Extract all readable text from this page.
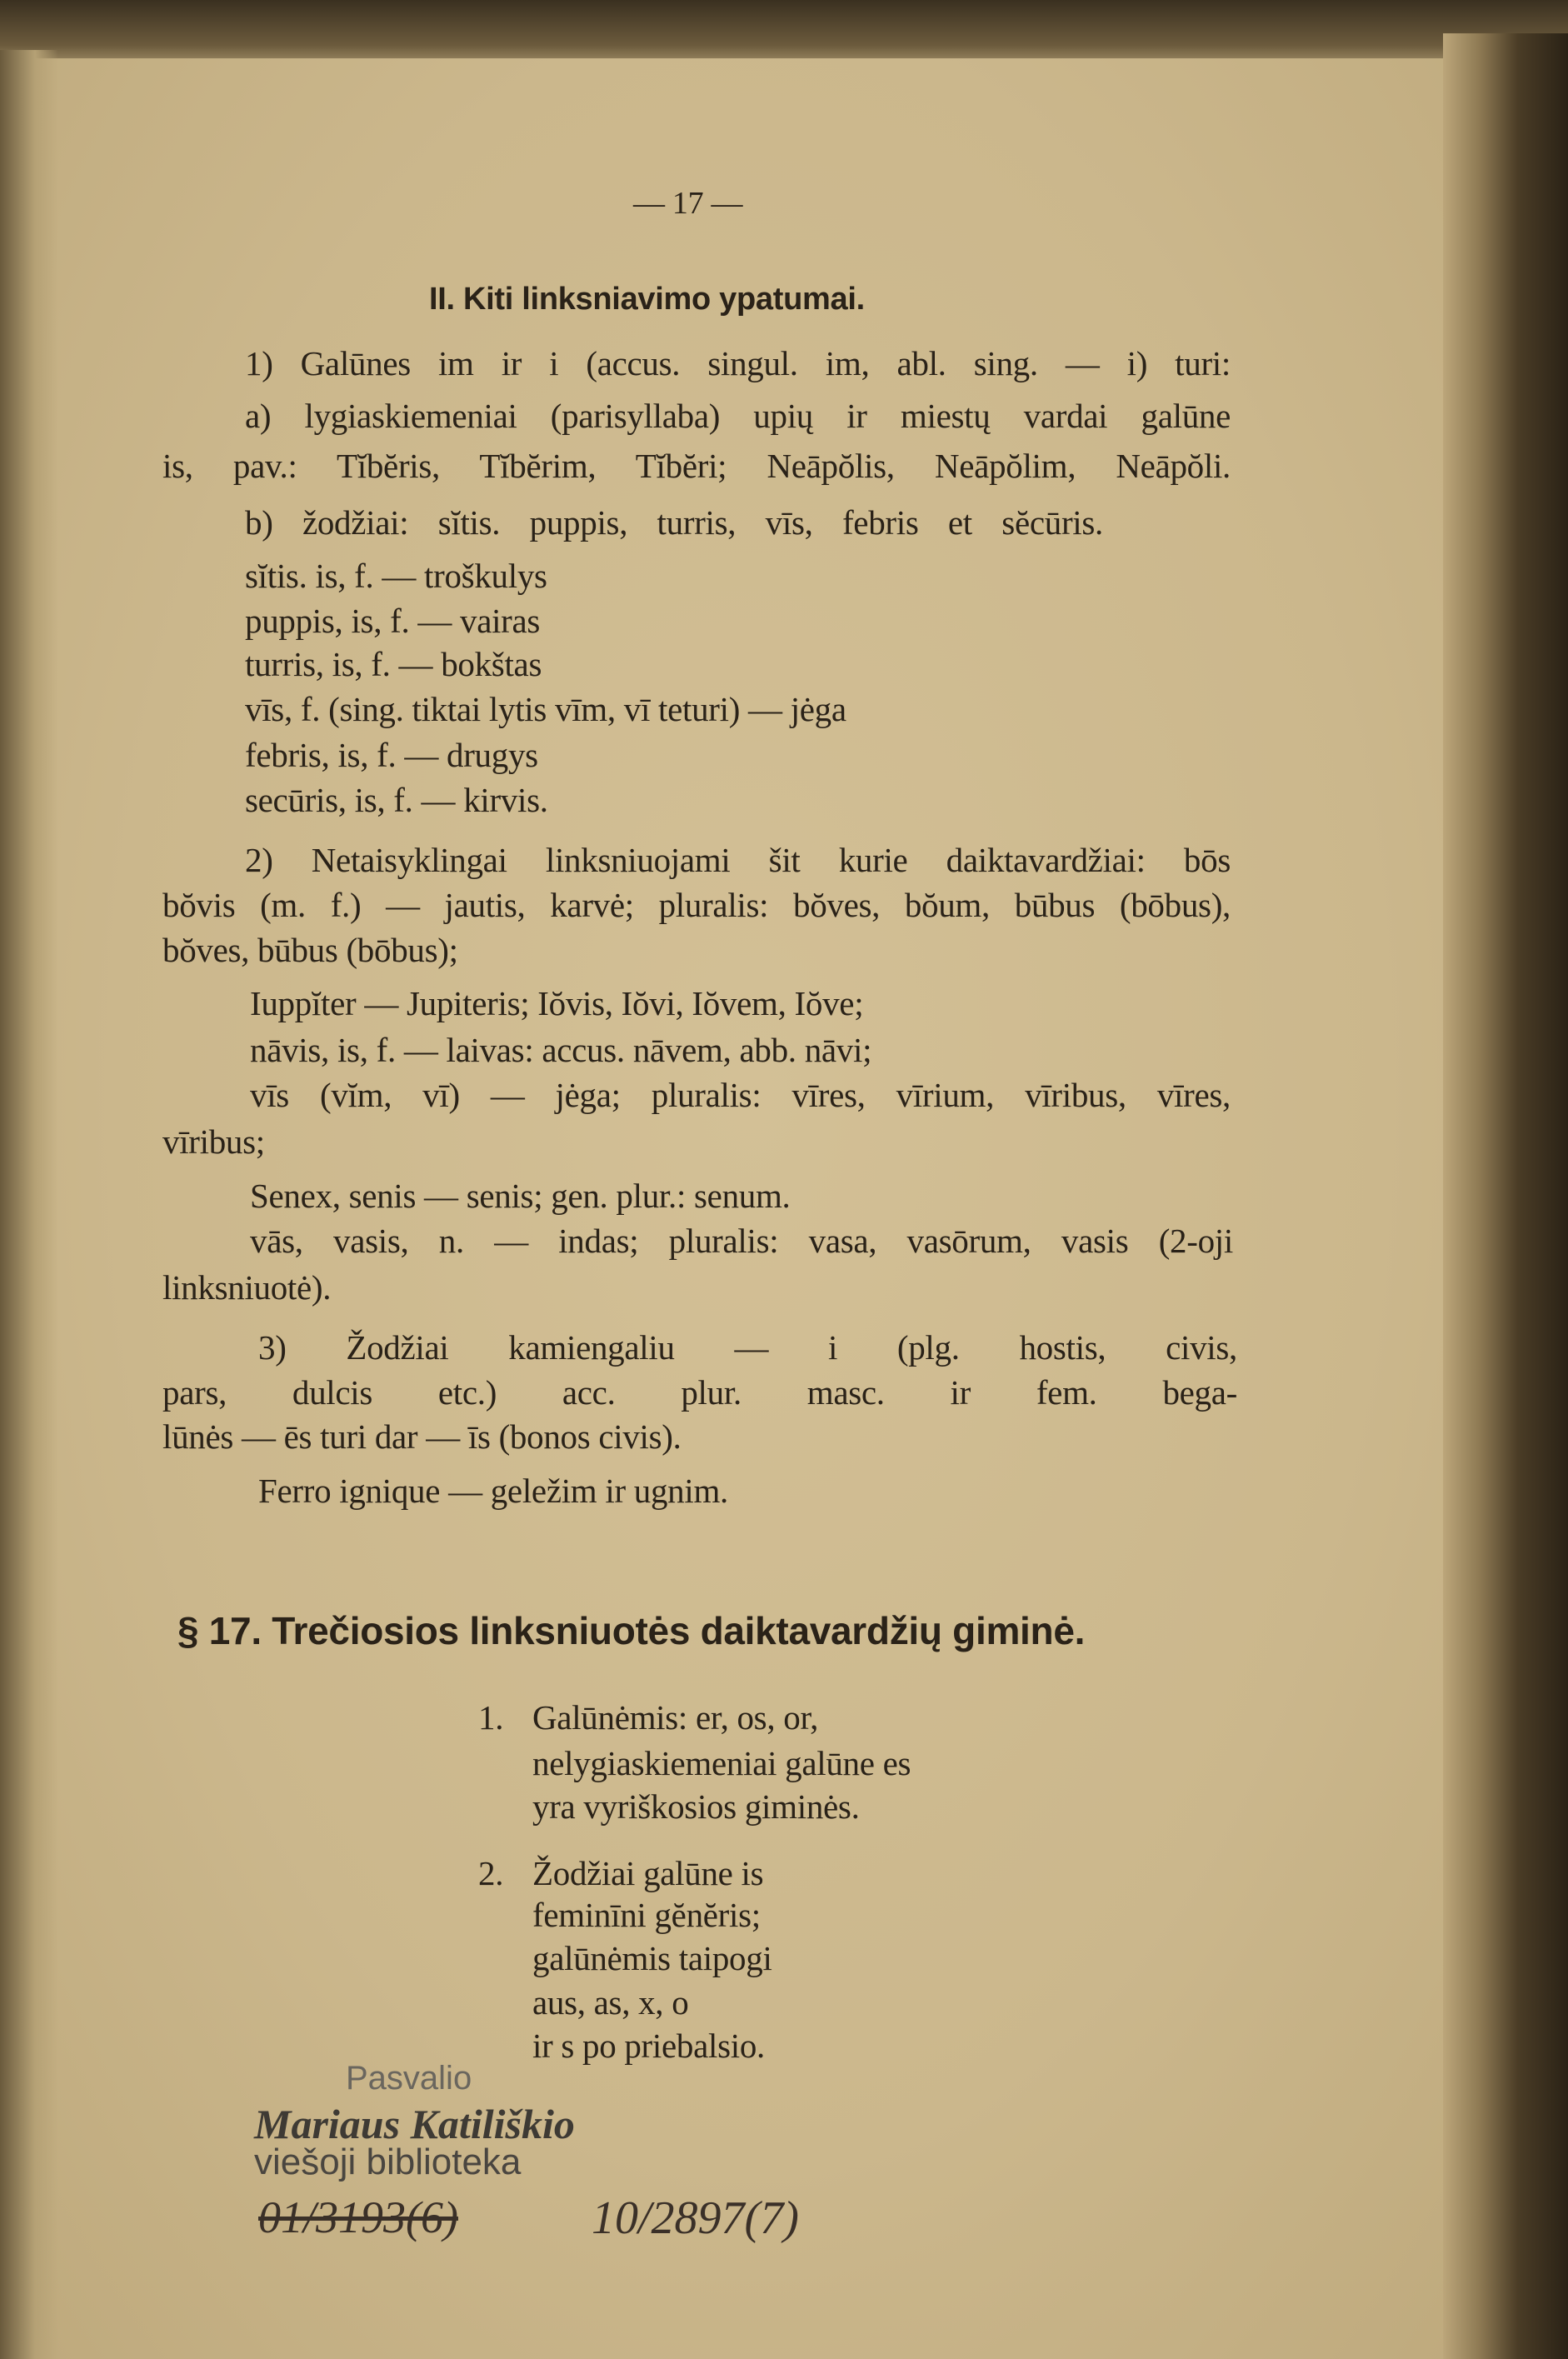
— 17 —
II. Kiti linksniavimo ypatumai.
1) Galūnes im ir i (accus. singul. im, abl. sing. — i) turi:
a) lygiaskiemeniai (parisyllaba) upių ir miestų vardai galūne
is, pav.: Tĭbĕris, Tĭbĕrim, Tĭbĕri; Neāpŏlis, Neāpŏlim, Neāpŏli.
b) žodžiai: sĭtis. puppis, turris, vīs, febris et sĕcūris.
sĭtis. is, f. — troškulys
puppis, is, f. — vairas
turris, is, f. — bokštas
vīs, f. (sing. tiktai lytis vīm, vī teturi) — jėga
febris, is, f. — drugys
secūris, is, f. — kirvis.
2) Netaisyklingai linksniuojami šit kurie daiktavardžiai: bōs
bŏvis (m. f.) — jautis, karvė; pluralis: bŏves, bŏum, būbus (bōbus),
bŏves, būbus (bōbus);
Iuppĭter — Jupiteris; Iŏvis, Iŏvi, Iŏvem, Iŏve;
nāvis, is, f. — laivas: accus. nāvem, abb. nāvi;
vīs (vĭm, vī) — jėga; pluralis: vīres, vīrium, vīribus, vīres,
vīribus;
Senex, senis — senis; gen. plur.: senum.
vās, vasis, n. — indas; pluralis: vasa, vasōrum, vasis (2-oji
linksniuotė).
3) Žodžiai kamiengaliu — i (plg. hostis, civis,
pars, dulcis etc.) acc. plur. masc. ir fem. bega-
lūnės — ēs turi dar — īs (bonos civis).
Ferro ignique — geležim ir ugnim.
§ 17. Trečiosios linksniuotės daiktavardžių giminė.
1. Galūnėmis: er, os, or,
nelygiaskiemeniai galūne es
yra vyriškosios giminės.
2. Žodžiai galūne is
feminīni gĕnĕris;
galūnėmis taipogi
aus, as, x, o
ir s po priebalsio.
Pasvalio
Mariaus Katiliškio
viešoji biblioteka
01/3193(6)	10/2897(7)
